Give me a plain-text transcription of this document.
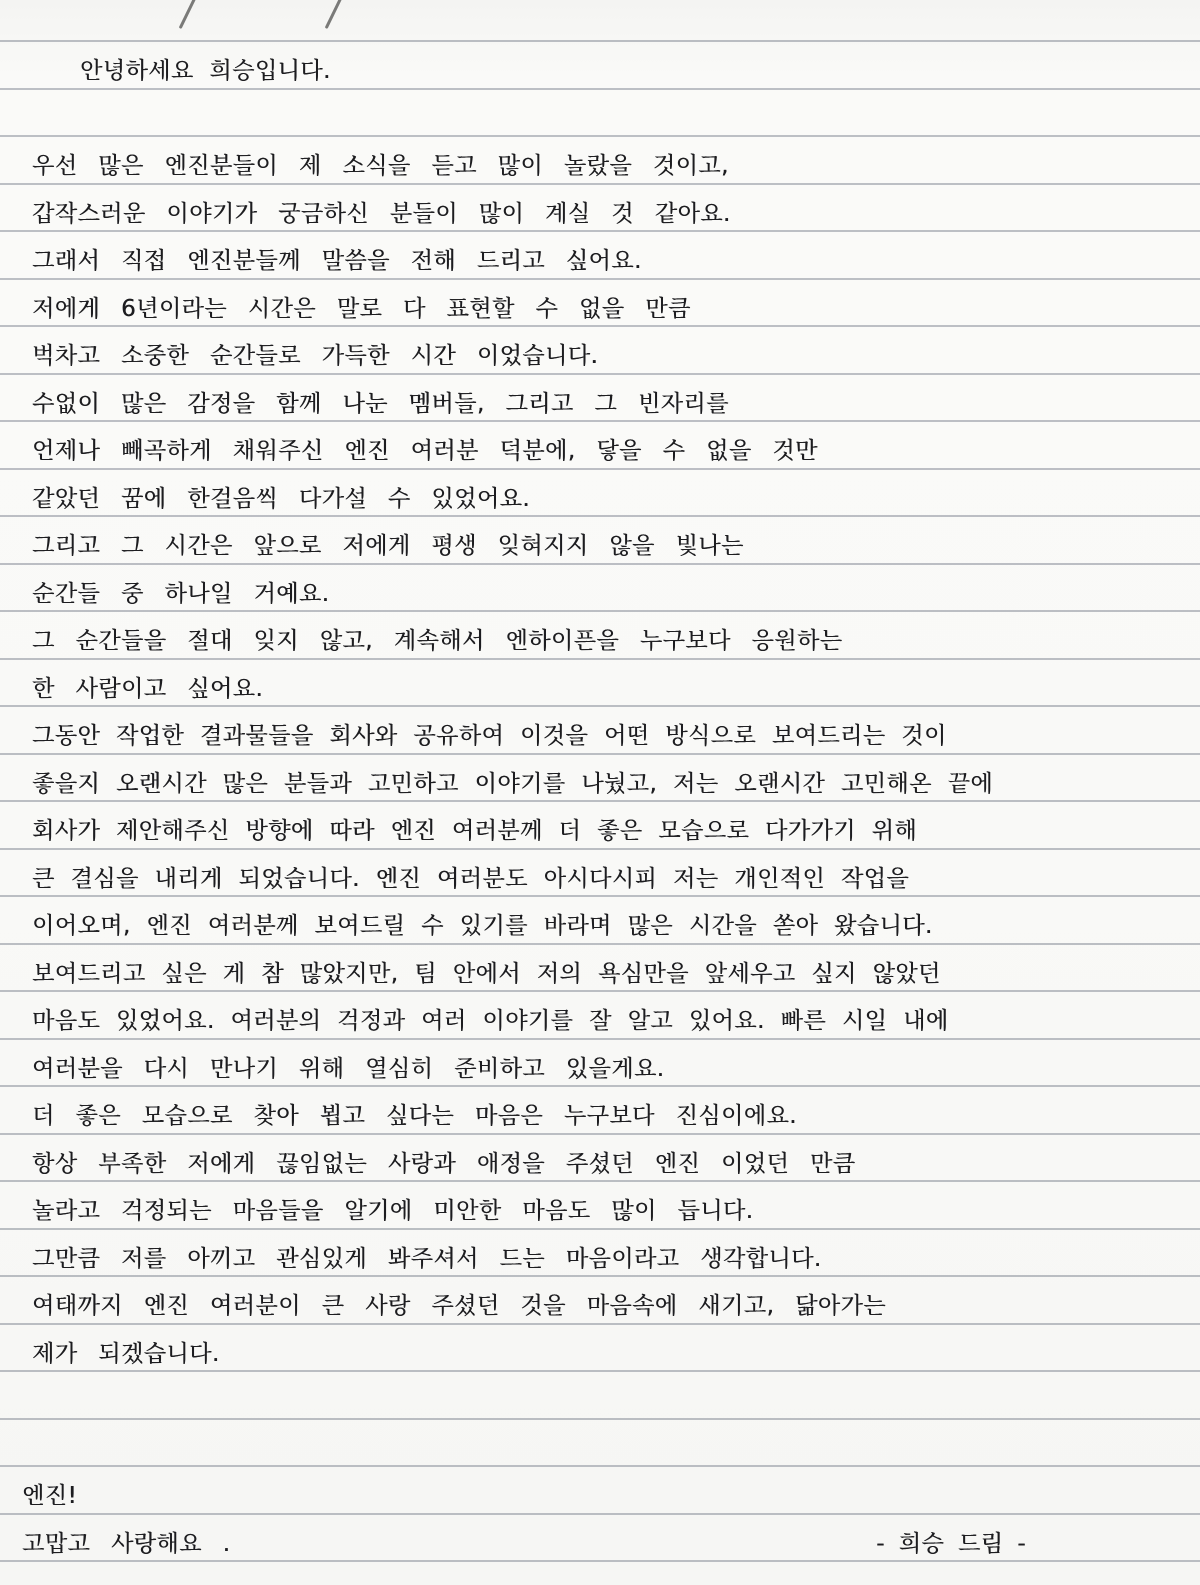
안녕하세요 희승입니다.
우선 많은 엔진분들이 제 소식을 듣고 많이 놀랐을 것이고,
갑작스러운 이야기가 궁금하신 분들이 많이 계실 것 같아요.
그래서 직접 엔진분들께 말씀을 전해 드리고 싶어요.
저에게 6년이라는 시간은 말로 다 표현할 수 없을 만큼
벅차고 소중한 순간들로 가득한 시간 이었습니다.
수없이 많은 감정을 함께 나눈 멤버들, 그리고 그 빈자리를
언제나 빼곡하게 채워주신 엔진 여러분 덕분에, 닿을 수 없을 것만
같았던 꿈에 한걸음씩 다가설 수 있었어요.
그리고 그 시간은 앞으로 저에게 평생 잊혀지지 않을 빛나는
순간들 중 하나일 거예요.
그 순간들을 절대 잊지 않고, 계속해서 엔하이픈을 누구보다 응원하는
한 사람이고 싶어요.
그동안 작업한 결과물들을 회사와 공유하여 이것을 어떤 방식으로 보여드리는 것이
좋을지 오랜시간 많은 분들과 고민하고 이야기를 나눴고, 저는 오랜시간 고민해온 끝에
회사가 제안해주신 방향에 따라 엔진 여러분께 더 좋은 모습으로 다가가기 위해
큰 결심을 내리게 되었습니다. 엔진 여러분도 아시다시피 저는 개인적인 작업을
이어오며, 엔진 여러분께 보여드릴 수 있기를 바라며 많은 시간을 쏟아 왔습니다.
보여드리고 싶은 게 참 많았지만, 팀 안에서 저의 욕심만을 앞세우고 싶지 않았던
마음도 있었어요. 여러분의 걱정과 여러 이야기를 잘 알고 있어요. 빠른 시일 내에
여러분을 다시 만나기 위해 열심히 준비하고 있을게요.
더 좋은 모습으로 찾아 뵙고 싶다는 마음은 누구보다 진심이에요.
항상 부족한 저에게 끊임없는 사랑과 애정을 주셨던 엔진 이었던 만큼
놀라고 걱정되는 마음들을 알기에 미안한 마음도 많이 듭니다.
그만큼 저를 아끼고 관심있게 봐주셔서 드는 마음이라고 생각합니다.
여태까지 엔진 여러분이 큰 사랑 주셨던 것을 마음속에 새기고, 닮아가는
제가 되겠습니다.
엔진!
고맙고 사랑해요 .	- 희승 드림 -
